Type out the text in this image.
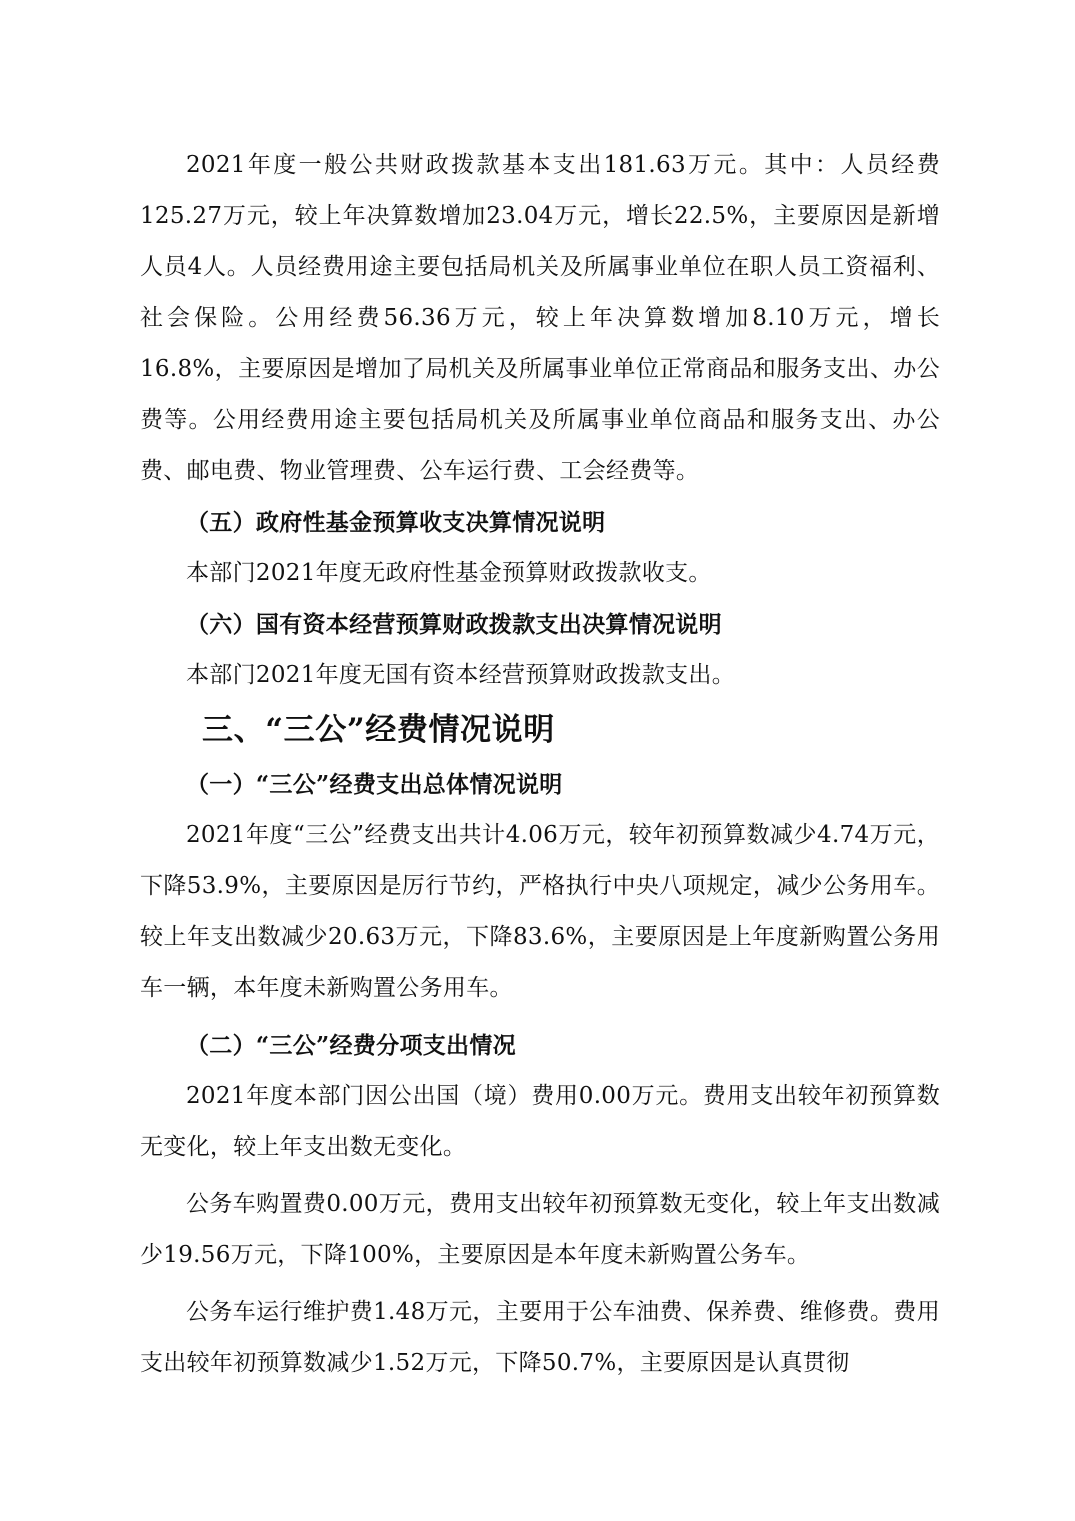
2021年度一般公共财政拨款基本支出181.63万元。其中：人员经费125.27万元，较上年决算数增加23.04万元，增长22.5%，主要原因是新增人员4人。人员经费用途主要包括局机关及所属事业单位在职人员工资福利、社会保险。公用经费56.36万元，较上年决算数增加8.10万元，增长16.8%，主要原因是增加了局机关及所属事业单位正常商品和服务支出、办公费等。公用经费用途主要包括局机关及所属事业单位商品和服务支出、办公费、邮电费、物业管理费、公车运行费、工会经费等。

（五）政府性基金预算收支决算情况说明

本部门2021年度无政府性基金预算财政拨款收支。

（六）国有资本经营预算财政拨款支出决算情况说明

本部门2021年度无国有资本经营预算财政拨款支出。

三、“三公”经费情况说明

（一）“三公”经费支出总体情况说明

2021年度“三公”经费支出共计4.06万元，较年初预算数减少4.74万元，下降53.9%，主要原因是厉行节约，严格执行中央八项规定，减少公务用车。较上年支出数减少20.63万元，下降83.6%，主要原因是上年度新购置公务用车一辆，本年度未新购置公务用车。

（二）“三公”经费分项支出情况

2021年度本部门因公出国（境）费用0.00万元。费用支出较年初预算数无变化，较上年支出数无变化。

公务车购置费0.00万元，费用支出较年初预算数无变化，较上年支出数减少19.56万元，下降100%，主要原因是本年度未新购置公务车。

公务车运行维护费1.48万元，主要用于公车油费、保养费、维修费。费用支出较年初预算数减少1.52万元，下降50.7%，主要原因是认真贯彻
